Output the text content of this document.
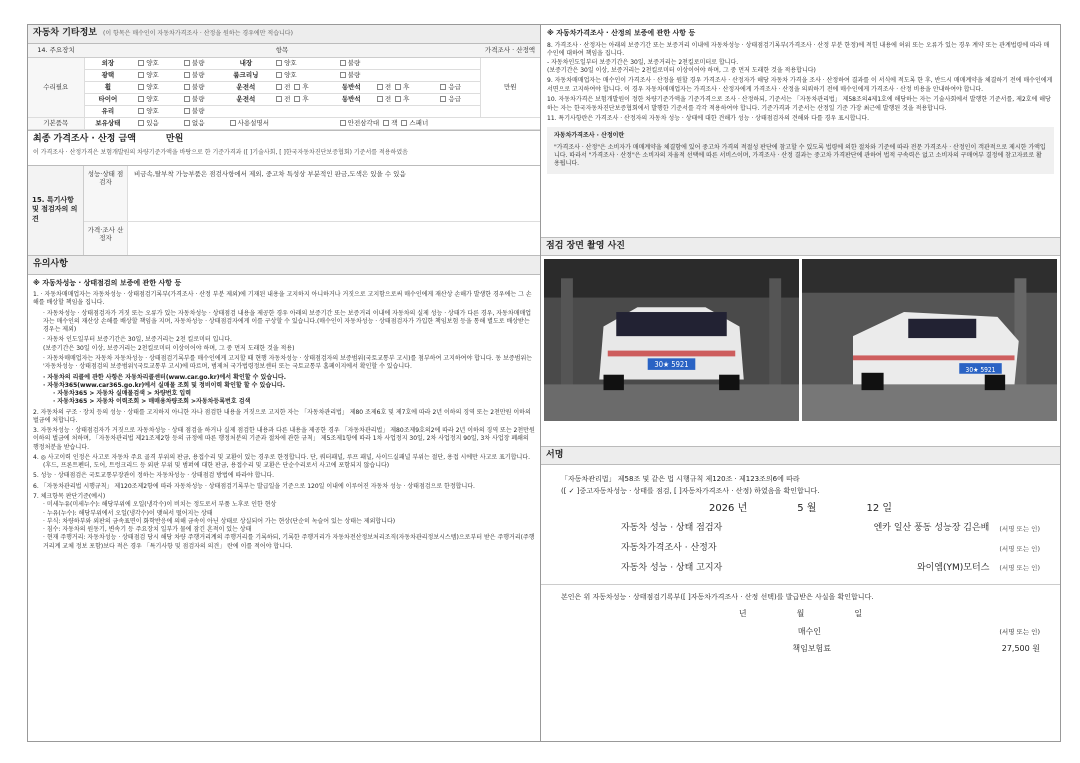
자동차 기타정보 (이 항목은 매수인이 자동차가격조사 · 산정을 원하는 경우에만 적습니다)
14. 주요장치	항목								가격조사 · 산정액
수리필요	외장	양호	불량	내장	양호	불량			만원
	광택	양호	불량	룸크리닝	양호	불량			
	휠	양호	불량	운전석	전 후	동반석	전 후	응급	
	타이어	양호	불량	운전석	전 후	동반석	전 후	응급	
	유리	양호	불량						
기본품목	보유상태	있음	없음	사용설명서		안전삼각대 잭 스패너			
최종 가격조사 · 산정 금액	만원
이 가격조사 · 산정가격은 보험개발원의 차량기준가액을 바탕으로 한 기준가격과 ([ ]기술사회, [ ]한국자동차진단보증협회) 기준서를 적용하였음
15. 특기사항 및 점검자의 의견
성능·상태 점검자
비금속,탈부착 가능부품은 점검사항에서 제외, 중고차 특성상 부분적인 판금,도색은 있을 수 있음
가격·조사 산정자
유의사항
※ 자동차성능 · 상태점검의 보증에 관한 사항 등
1. · 자동차매매업자는 자동차성능 · 상태점검기록부(가격조사 · 산정 부분 제외)에 기재된 내용을 고지하지 아니하거나 거짓으로 고지함으로써 매수인에게 재산상 손해가 발생한 경우에는 그 손해를 배상할 책임을 집니다.
· 자동차성능 · 상태점검자가 거짓 또는 오류가 있는 자동차성능 · 상태점검 내용을 제공한 경우 아래의 보증기간 또는 보증거리 이내에 자동차의 실제 성능 · 상태가 다른 경우, 자동차매매업자는 매수인의 재산상 손해를 배상할 책임을 지며, 자동차성능 · 상태점검자에게 이를 구상할 수 있습니다.(매수인이 자동차성능 · 상태점검자가 가입한 책임보험 등을 통해 별도로 배상받는 경우는 제외)
· 자동차 인도일부터 보증기간은 30일, 보증거리는 2천 킬로미터 입니다.
(보증기간은 30일 이상, 보증거리는 2천킬로미터 이상이어야 하며, 그 중 먼저 도래한 것을 적용)
· 자동차매매업자는 자동차 자동차성능 · 상태점검기록부를 매수인에게 고지할 때 현행 자동차성능 · 상태점검자의 보증범위(국토교통부 고시)를 첨부하여 고지하여야 합니다. 동 보증범위는 '자동차성능 · 상태점검의 보증범위'(국토교통부 고시)에 따르며, 범제처 국가법령정보센터 또는 국토교통부 홈페이지에서 확인할 수 있습니다.
· 자동차의 리콜에 관한 사항은 자동차리콜센터(www.car.go.kr)에서 확인할 수 있습니다.
· 자동차365(www.car365.go.kr)에서 실매물 조회 및 정비이력 확인할 할 수 있습니다.
· 자동차365 > 자동차 실매물검색 > 차량번호 입력
· 자동차365 > 자동차 이력조회 > 매매용차량조회 >자동차등록번호 검색
2. 자동차의 구조 · 장치 등의 성능 · 상태를 고지하지 아니한 자나 점검한 내용을 거짓으로 고지한 자는 「자동차관리법」 제80 조제6호 및 제7호에 따라 2년 이하의 징역 또는 2천만원 이하의 벌금에 처합니다.
3. 자동차성능 · 상태점검자가 거짓으로 자동차성능 · 상태 점검을 하거나 실제 점검한 내용과 다른 내용을 제공한 경우 「자동차관리법」 제80조제9호의2에 따라 2년 이하의 징역 또는 2천만원 이하의 벌금에 처하며, 「자동차관리법 제21조제2항 등의 규정에 따른 행정처분의 기준과 절차에 관한 규칙」 제5조제1항에 따라 1차 사업정지 30일, 2차 사업정지 90일, 3차 사업장 폐쇄의 행정처분을 받습니다.
4. ◎ 사고이력 인정은 사고로 자동차 주요 골격 부위의 판금, 용접수리 및 교환이 있는 경우로 한정합니다. 단, 쿼터패널, 루프 패널, 사이드실패널 부위는 절단, 용접 시에만 사고로 표기합니다.
(후드, 프론트펜더, 도어, 트렁크리드 등 외판 부위 및 범퍼에 대한 판금, 용접수리 및 교환은 단순수리로서 사고에 포함되지 않습니다)
5. 성능 · 상태점검은 국토교통부장관이 정하는 자동차성능 · 상태점검 방법에 따라야 합니다.
6. 「자동차관리법 시행규칙」 제120조제2항에 따라 자동차성능 · 상태점검기록부는 발급일을 기준으로 120일 이내에 이루어진 자동차 성능 · 상태점검으로 한정합니다.
7. 체크항목 판단기준(예시)
· 미세누유(미세누수): 해당부위에 오일(냉각수)이 비치는 정도로서 부품 노후로 인한 현상
· 누유(누수): 해당부위에서 오일(냉각수)이 맺혀서 떨어지는 상태
· 부식: 차량하부와 외판의 금속표면이 화학반응에 의해 금속이 아닌 상태로 상실되어 가는 현상(단순히 녹슬어 있는 상태는 제외합니다)
· 침수: 자동차의 원동기, 변속기 등 주요장치 일부가 물에 잠긴 흔적이 있는 상태
· 현재 주행거리: 자동차성능 · 상태점검 당시 해당 차량 주행거리계의 주행거리를 기록하되, 기록한 주행거리가 자동차전산정보처리조직(자동차관리정보시스템)으로부터 받은 주행거리(주행거리계 교체 정보 포함)보다 적은 경우 「특기사항 및 점검자의 의견」 란에 이를 적어야 합니다.
※ 자동차가격조사 · 산정의 보증에 관한 사항 등
8. 가격조사 · 산정자는 아래의 보증기간 또는 보증거리 이내에 자동차성능 · 상태점검기록부(가격조사 · 산정 부분 한정)에 적힌 내용에 허위 또는 오류가 있는 경우 계약 또는 관계법령에 따라 매수인에 대하여 책임을 집니다.
- 자동차인도일부터 보증기간은 30일, 보증거리는 2천킬로미터로 합니다.
(보증기간은 30일 이상, 보증거리는 2천킬로미터 이상이어야 하며, 그 중 먼저 도래한 것을 적용합니다)
9. 자동차매매업자는 매수인이 가격조사 · 산정을 원할 경우 가격조사 · 산정자가 해당 자동차 가격을 조사 · 산정하여 결과를 이 서식에 적도록 한 후, 반드시 매매계약을 체결하기 전에 매수인에게 서면으로 고지하여야 합니다. 이 경우 자동차매매업자는 가격조사 · 산정자에게 가격조사 · 산정을 의뢰하기 전에 매수인에게 가격조사 · 산정 비용을 안내하여야 합니다.
10. 자동차가격은 보험개발원이 정한 차량기준가액을 기준가격으로 조사 · 산정하되, 기준서는 「자동차관리법」 제58조의4제1호에 해당하는 자는 기술사회에서 발행한 기준서를, 제2호에 해당하는 자는 한국자동차진단보증협회에서 발행한 기준서를 각각 적용하여야 합니다. 기준가격과 기준서는 산정일 기준 가장 최근에 발행된 것을 적용합니다.
11. 특기사항란은 가격조사 · 산정자의 자동차 성능 · 상태에 대한 견해가 성능 · 상태점검자의 견해와 다를 경우 표시합니다.
자동차가격조사 · 산정이란
"가격조사 · 산정"은 소비자가 매매계약을 체결함에 있어 중고차 가격의 적절성 판단에 참고할 수 있도록 법령에 의한 절차와 기준에 따라 전문 가격조사 · 산정인이 객관적으로 제시한 가액입니다. 따라서 "가격조사 · 산정"은 소비자의 자율적 선택에 따른 서비스이며, 가격조사 · 산정 결과는 중고차 가격판단에 관하여 법적 구속력은 없고 소비자의 구매여부 결정에 참고자료로 활용됩니다.
점검 장면 촬영 사진
30★ 5921
30★ 5921
서명
「자동차관리법」 제58조 및 같은 법 시행규칙 제120조 · 제123조의6에 따라
([ ✓ ]중고자동차성능 · 상태를 점검, [ ]자동차가격조사 · 산정) 하였음을 확인합니다.
2026 년	5 월	12 일
자동차 성능 · 상태 점검자	엔카 일산 풍동 성능장 김은배	(서명 또는 인)
자동차가격조사 · 산정자	(서명 또는 인)
자동차 성능 · 상태 고지자	와이엠(YM)모터스	(서명 또는 인)
본인은 위 자동차성능 · 상태점검기록부([ ]자동차가격조사 · 산정 선택)를 발급받은 사실을 확인합니다.
년	월	일
매수인	(서명 또는 인)
책임보험료	27,500 원
